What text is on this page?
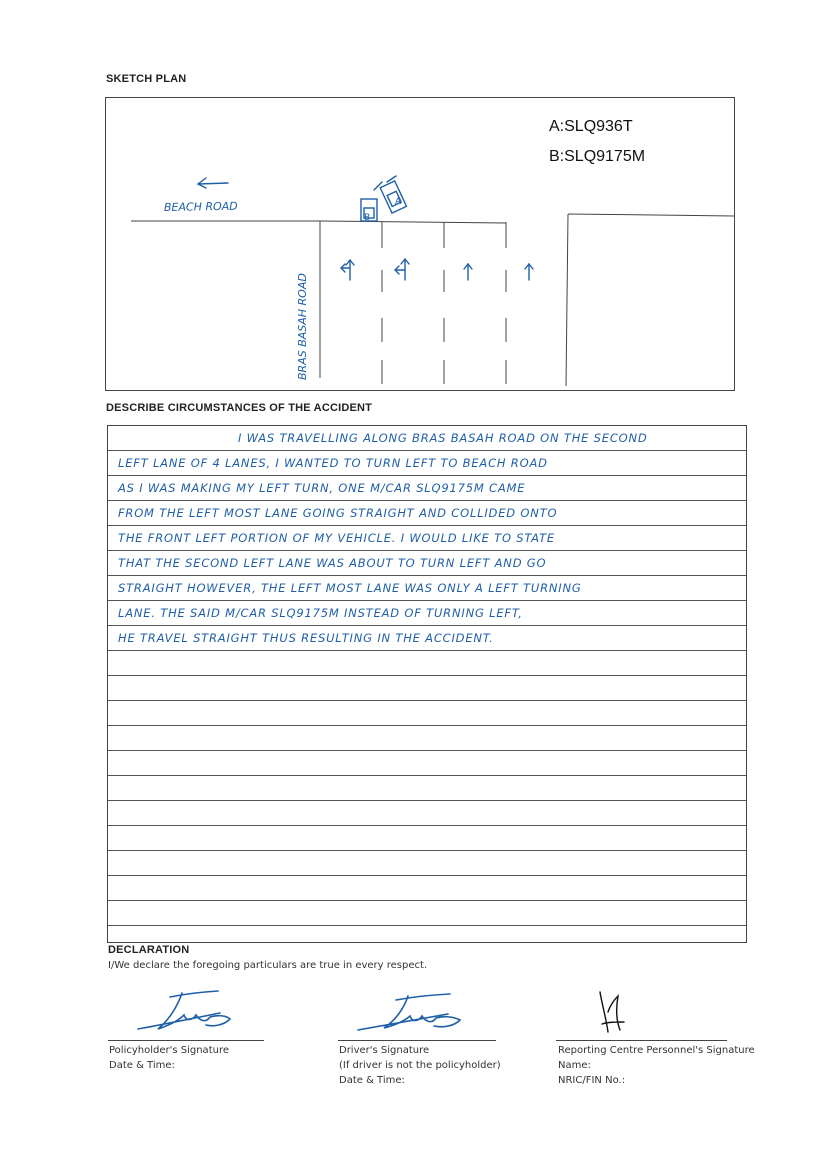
SKETCH PLAN
A:SLQ936T
B:SLQ9175M
BEACH ROAD
BRAS BASAH ROAD
B
A
DESCRIBE CIRCUMSTANCES OF THE ACCIDENT
I WAS TRAVELLING ALONG BRAS BASAH ROAD ON THE SECOND
LEFT LANE OF 4 LANES, I WANTED TO TURN LEFT TO BEACH ROAD
AS I WAS MAKING MY LEFT TURN, ONE M/CAR SLQ9175M CAME
FROM THE LEFT MOST LANE GOING STRAIGHT AND COLLIDED ONTO
THE FRONT LEFT PORTION OF MY VEHICLE. I WOULD LIKE TO STATE
THAT THE SECOND LEFT LANE WAS ABOUT TO TURN LEFT AND GO
STRAIGHT HOWEVER, THE LEFT MOST LANE WAS ONLY A LEFT TURNING
LANE. THE SAID M/CAR SLQ9175M INSTEAD OF TURNING LEFT,
HE TRAVEL STRAIGHT THUS RESULTING IN THE ACCIDENT.
DECLARATION
I/We declare the foregoing particulars are true in every respect.
Policyholder's Signature
Date & Time:
Driver's Signature
(If driver is not the policyholder)
Date & Time:
Reporting Centre Personnel's Signature
Name:
NRIC/FIN No.:
